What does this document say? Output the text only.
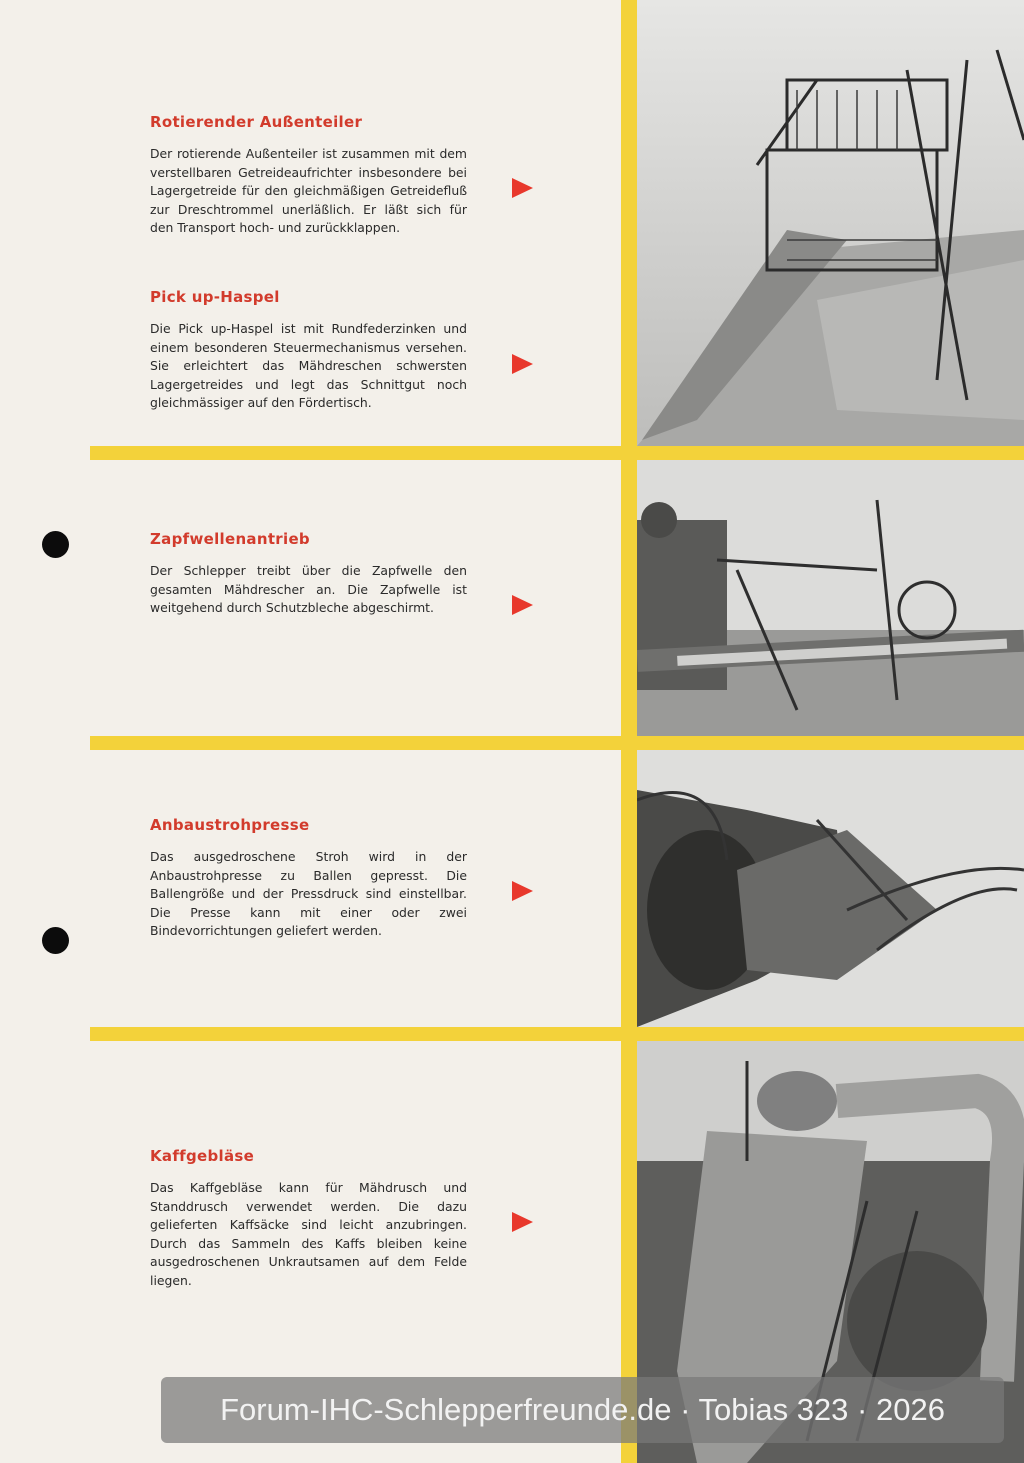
Rotierender Außenteiler

Der rotierende Außenteiler ist zusammen mit dem verstellbaren Getreideaufrichter insbesondere bei Lagergetreide für den gleichmäßigen Getreidefluß zur Dreschtrommel unerläßlich. Er läßt sich für den Transport hoch- und zurückklappen.

Pick up-Haspel

Die Pick up-Haspel ist mit Rundfederzinken und einem besonderen Steuermechanismus versehen. Sie erleichtert das Mähdreschen schwersten Lagergetreides und legt das Schnittgut noch gleichmässiger auf den Fördertisch.

Zapfwellenantrieb

Der Schlepper treibt über die Zapfwelle den gesamten Mähdrescher an. Die Zapfwelle ist weitgehend durch Schutzbleche abgeschirmt.

Anbaustrohpresse

Das ausgedroschene Stroh wird in der Anbaustrohpresse zu Ballen gepresst. Die Ballengröße und der Pressdruck sind einstellbar. Die Presse kann mit einer oder zwei Bindevorrichtungen geliefert werden.

Kaffgebläse

Das Kaffgebläse kann für Mähdrusch und Standdrusch verwendet werden. Die dazu gelieferten Kaffsäcke sind leicht anzubringen. Durch das Sammeln des Kaffs bleiben keine ausgedroschenen Unkrautsamen auf dem Felde liegen.

Forum-IHC-Schlepperfreunde.de · Tobias 323 · 2026
